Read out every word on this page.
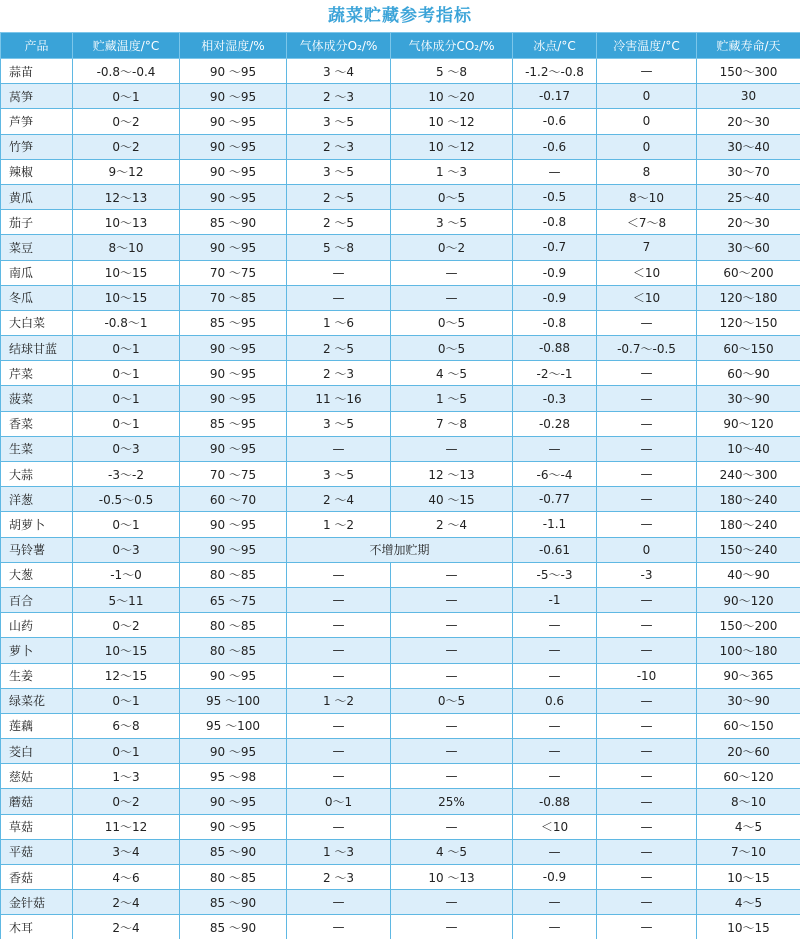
蔬菜贮藏参考指标
产品	贮藏温度/°C	相对湿度/%	气体成分O₂/%	气体成分CO₂/%	冰点/°C	冷害温度/°C	贮藏寿命/天
蒜苗	-0.8～-0.4	90 ～95	3 ～4	5 ～8	-1.2～-0.8	—	150～300
莴笋	0～1	90 ～95	2 ～3	10 ～20	-0.17	0	30
芦笋	0～2	90 ～95	3 ～5	10 ～12	-0.6	0	20～30
竹笋	0～2	90 ～95	2 ～3	10 ～12	-0.6	0	30～40
辣椒	9～12	90 ～95	3 ～5	1 ～3	—	8	30～70
黄瓜	12～13	90 ～95	2 ～5	0～5	-0.5	8～10	25～40
茄子	10～13	85 ～90	2 ～5	3 ～5	-0.8	＜7～8	20～30
菜豆	8～10	90 ～95	5 ～8	0～2	-0.7	7	30～60
南瓜	10～15	70 ～75	—	—	-0.9	＜10	60～200
冬瓜	10～15	70 ～85	—	—	-0.9	＜10	120～180
大白菜	-0.8～1	85 ～95	1 ～6	0～5	-0.8	—	120～150
结球甘蓝	0～1	90 ～95	2 ～5	0～5	-0.88	-0.7～-0.5	60～150
芹菜	0～1	90 ～95	2 ～3	4 ～5	-2～-1	—	60～90
菠菜	0～1	90 ～95	11 ～16	1 ～5	-0.3	—	30～90
香菜	0～1	85 ～95	3 ～5	7 ～8	-0.28	—	90～120
生菜	0～3	90 ～95	—	—	—	—	10～40
大蒜	-3～-2	70 ～75	3 ～5	12 ～13	-6～-4	—	240～300
洋葱	-0.5～0.5	60 ～70	2 ～4	40 ～15	-0.77	—	180～240
胡萝卜	0～1	90 ～95	1 ～2	2 ～4	-1.1	—	180～240
马铃薯	0～3	90 ～95	不增加贮期		-0.61	0	150～240
大葱	-1～0	80 ～85	—	—	-5～-3	-3	40～90
百合	5～11	65 ～75	—	—	-1	—	90～120
山药	0～2	80 ～85	—	—	—	—	150～200
萝卜	10～15	80 ～85	—	—	—	—	100～180
生姜	12～15	90 ～95	—	—	—	-10	90～365
绿菜花	0～1	95 ～100	1 ～2	0～5	0.6	—	30～90
莲藕	6～8	95 ～100	—	—	—	—	60～150
茭白	0～1	90 ～95	—	—	—	—	20～60
慈姑	1～3	95 ～98	—	—	—	—	60～120
蘑菇	0～2	90 ～95	0～1	25%	-0.88	—	8～10
草菇	11～12	90 ～95	—	—	＜10	—	4～5
平菇	3～4	85 ～90	1 ～3	4 ～5	—	—	7～10
香菇	4～6	80 ～85	2 ～3	10 ～13	-0.9	—	10～15
金针菇	2～4	85 ～90	—	—	—	—	4～5
木耳	2～4	85 ～90	—	—	—	—	10～15
